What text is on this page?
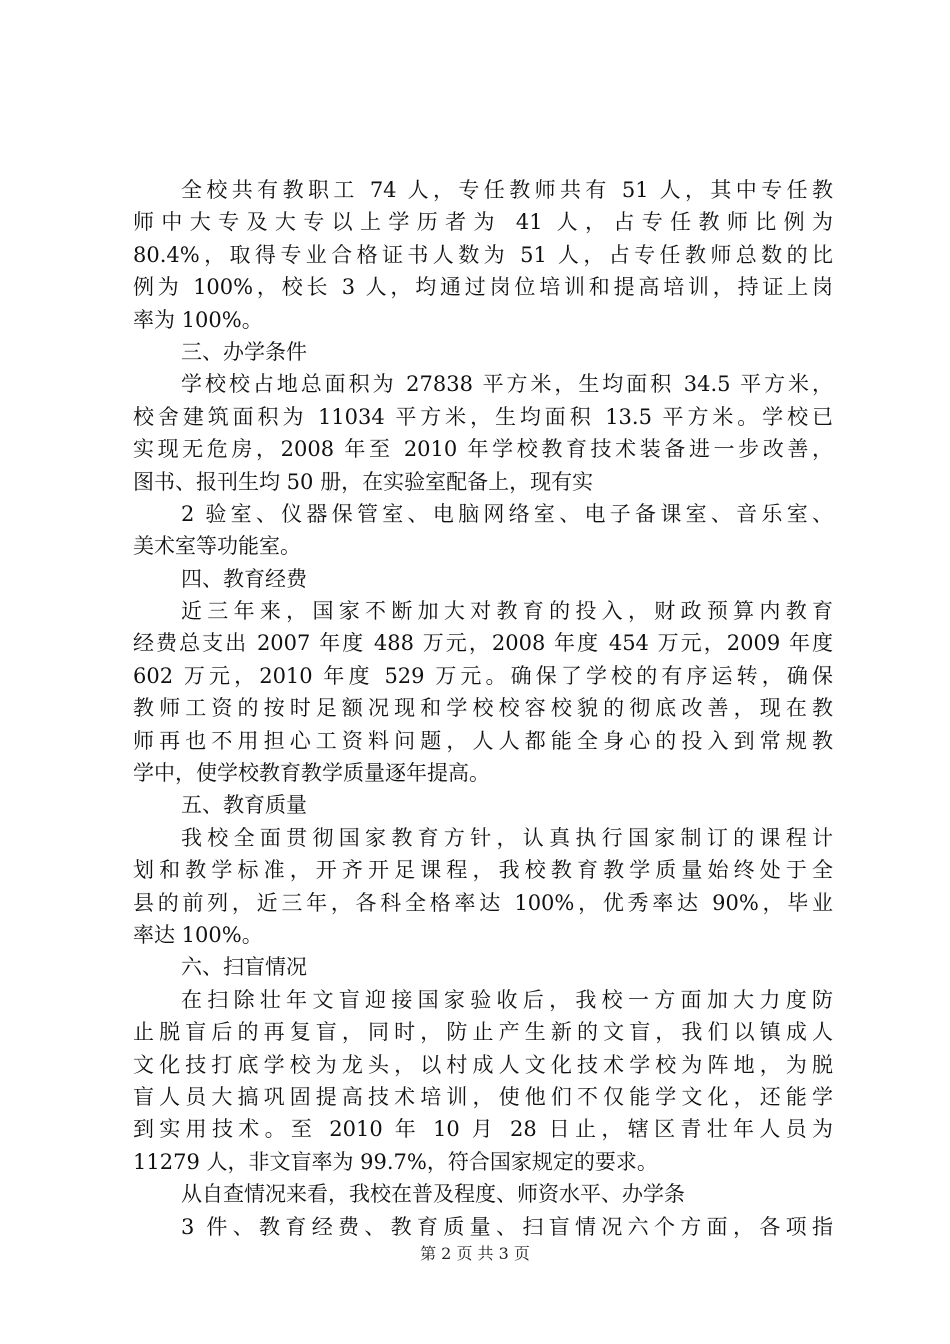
全校共有教职工 74 人，专任教师共有 51 人，其中专任教
师中大专及大专以上学历者为 41 人，占专任教师比例为
80.4%，取得专业合格证书人数为 51 人，占专任教师总数的比
例为 100%，校长 3 人，均通过岗位培训和提高培训，持证上岗
率为 100%。
三、办学条件
学校校占地总面积为 27838 平方米，生均面积 34.5 平方米，
校舍建筑面积为 11034 平方米，生均面积 13.5 平方米。学校已
实现无危房，2008 年至 2010 年学校教育技术装备进一步改善，
图书、报刊生均 50 册，在实验室配备上，现有实
2 验室、仪器保管室、电脑网络室、电子备课室、音乐室、
美术室等功能室。
四、教育经费
近三年来，国家不断加大对教育的投入，财政预算内教育
经费总支出 2007 年度 488 万元，2008 年度 454 万元，2009 年度
602 万元，2010 年度 529 万元。确保了学校的有序运转，确保
教师工资的按时足额况现和学校校容校貌的彻底改善，现在教
师再也不用担心工资料问题，人人都能全身心的投入到常规教
学中，使学校教育教学质量逐年提高。
五、教育质量
我校全面贯彻国家教育方针，认真执行国家制订的课程计
划和教学标准，开齐开足课程，我校教育教学质量始终处于全
县的前列，近三年，各科全格率达 100%，优秀率达 90%，毕业
率达 100%。
六、扫盲情况
在扫除壮年文盲迎接国家验收后，我校一方面加大力度防
止脱盲后的再复盲，同时，防止产生新的文盲，我们以镇成人
文化技打底学校为龙头，以村成人文化技术学校为阵地，为脱
盲人员大搞巩固提高技术培训，使他们不仅能学文化，还能学
到实用技术。至 2010 年 10 月 28 日止，辖区青壮年人员为
11279 人，非文盲率为 99.7%，符合国家规定的要求。
从自查情况来看，我校在普及程度、师资水平、办学条
3 件、教育经费、教育质量、扫盲情况六个方面，各项指
第 2 页 共 3 页
